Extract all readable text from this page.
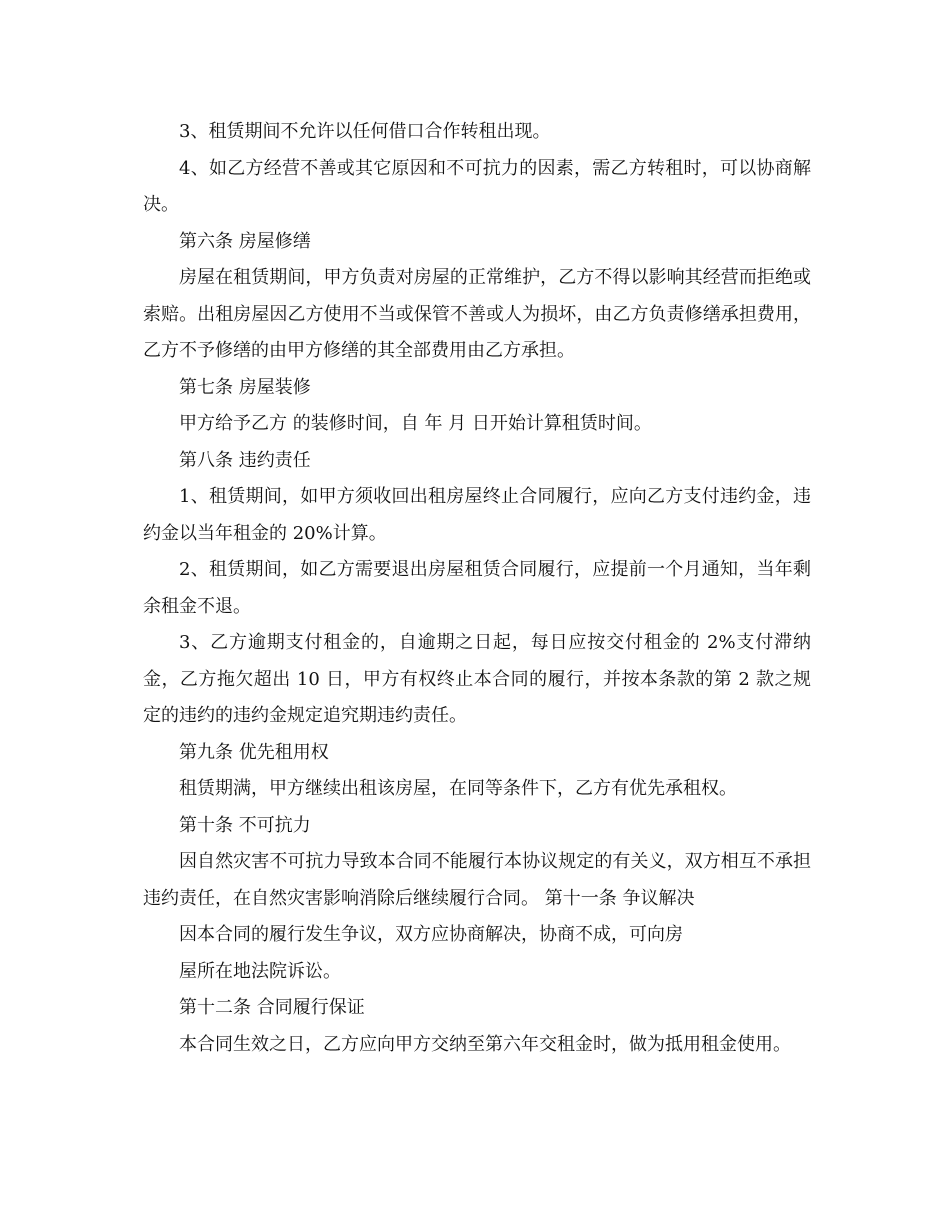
3、租赁期间不允许以任何借口合作转租出现。

4、如乙方经营不善或其它原因和不可抗力的因素，需乙方转租时，可以协商解决。

第六条 房屋修缮

房屋在租赁期间，甲方负责对房屋的正常维护，乙方不得以影响其经营而拒绝或索赔。出租房屋因乙方使用不当或保管不善或人为损坏，由乙方负责修缮承担费用，乙方不予修缮的由甲方修缮的其全部费用由乙方承担。

第七条 房屋装修

甲方给予乙方 的装修时间，自 年 月 日开始计算租赁时间。

第八条 违约责任

1、租赁期间，如甲方须收回出租房屋终止合同履行，应向乙方支付违约金，违约金以当年租金的 20%计算。

2、租赁期间，如乙方需要退出房屋租赁合同履行，应提前一个月通知，当年剩余租金不退。

3、乙方逾期支付租金的，自逾期之日起，每日应按交付租金的 2%支付滞纳金，乙方拖欠超出 10 日，甲方有权终止本合同的履行，并按本条款的第 2 款之规定的违约的违约金规定追究期违约责任。

第九条 优先租用权

租赁期满，甲方继续出租该房屋，在同等条件下，乙方有优先承租权。

第十条 不可抗力

因自然灾害不可抗力导致本合同不能履行本协议规定的有关义，双方相互不承担违约责任，在自然灾害影响消除后继续履行合同。 第十一条 争议解决

因本合同的履行发生争议，双方应协商解决，协商不成，可向房

屋所在地法院诉讼。

第十二条 合同履行保证

本合同生效之日，乙方应向甲方交纳至第六年交租金时，做为抵用租金使用。
